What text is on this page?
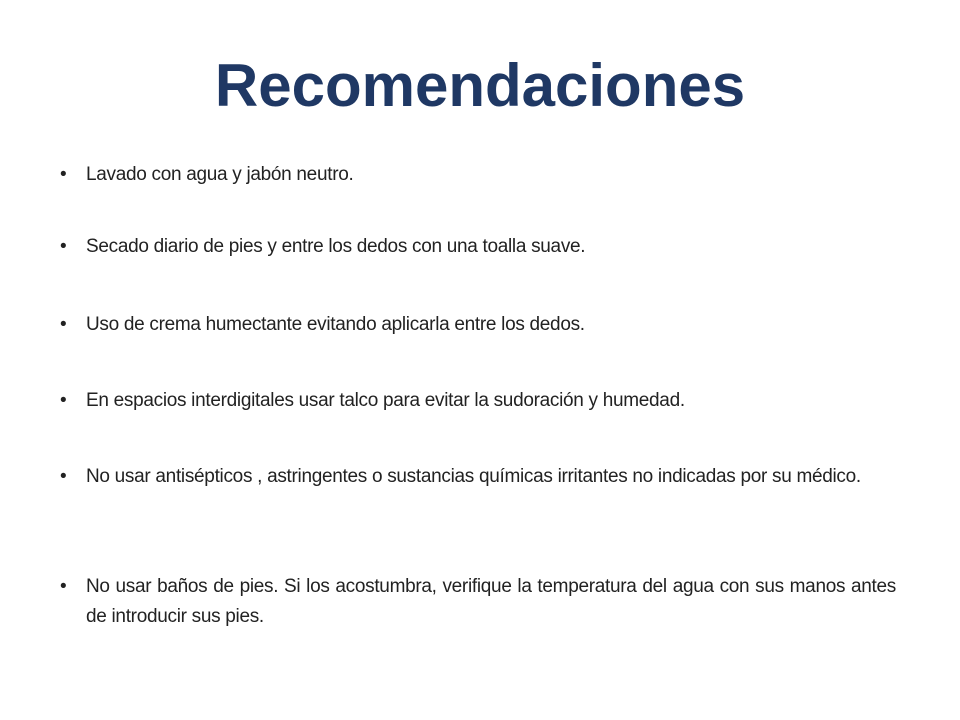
Recomendaciones
•	Lavado con agua y jabón neutro.
•	Secado diario de pies y entre los dedos con una toalla suave.
•	Uso de crema humectante evitando aplicarla entre los dedos.
•	En espacios interdigitales usar talco para evitar la sudoración y humedad.
•	No usar antisépticos , astringentes o sustancias químicas irritantes no indicadas por su médico.
•	No usar baños de pies. Si los acostumbra, verifique la temperatura del agua con sus manos antes de introducir sus pies.
